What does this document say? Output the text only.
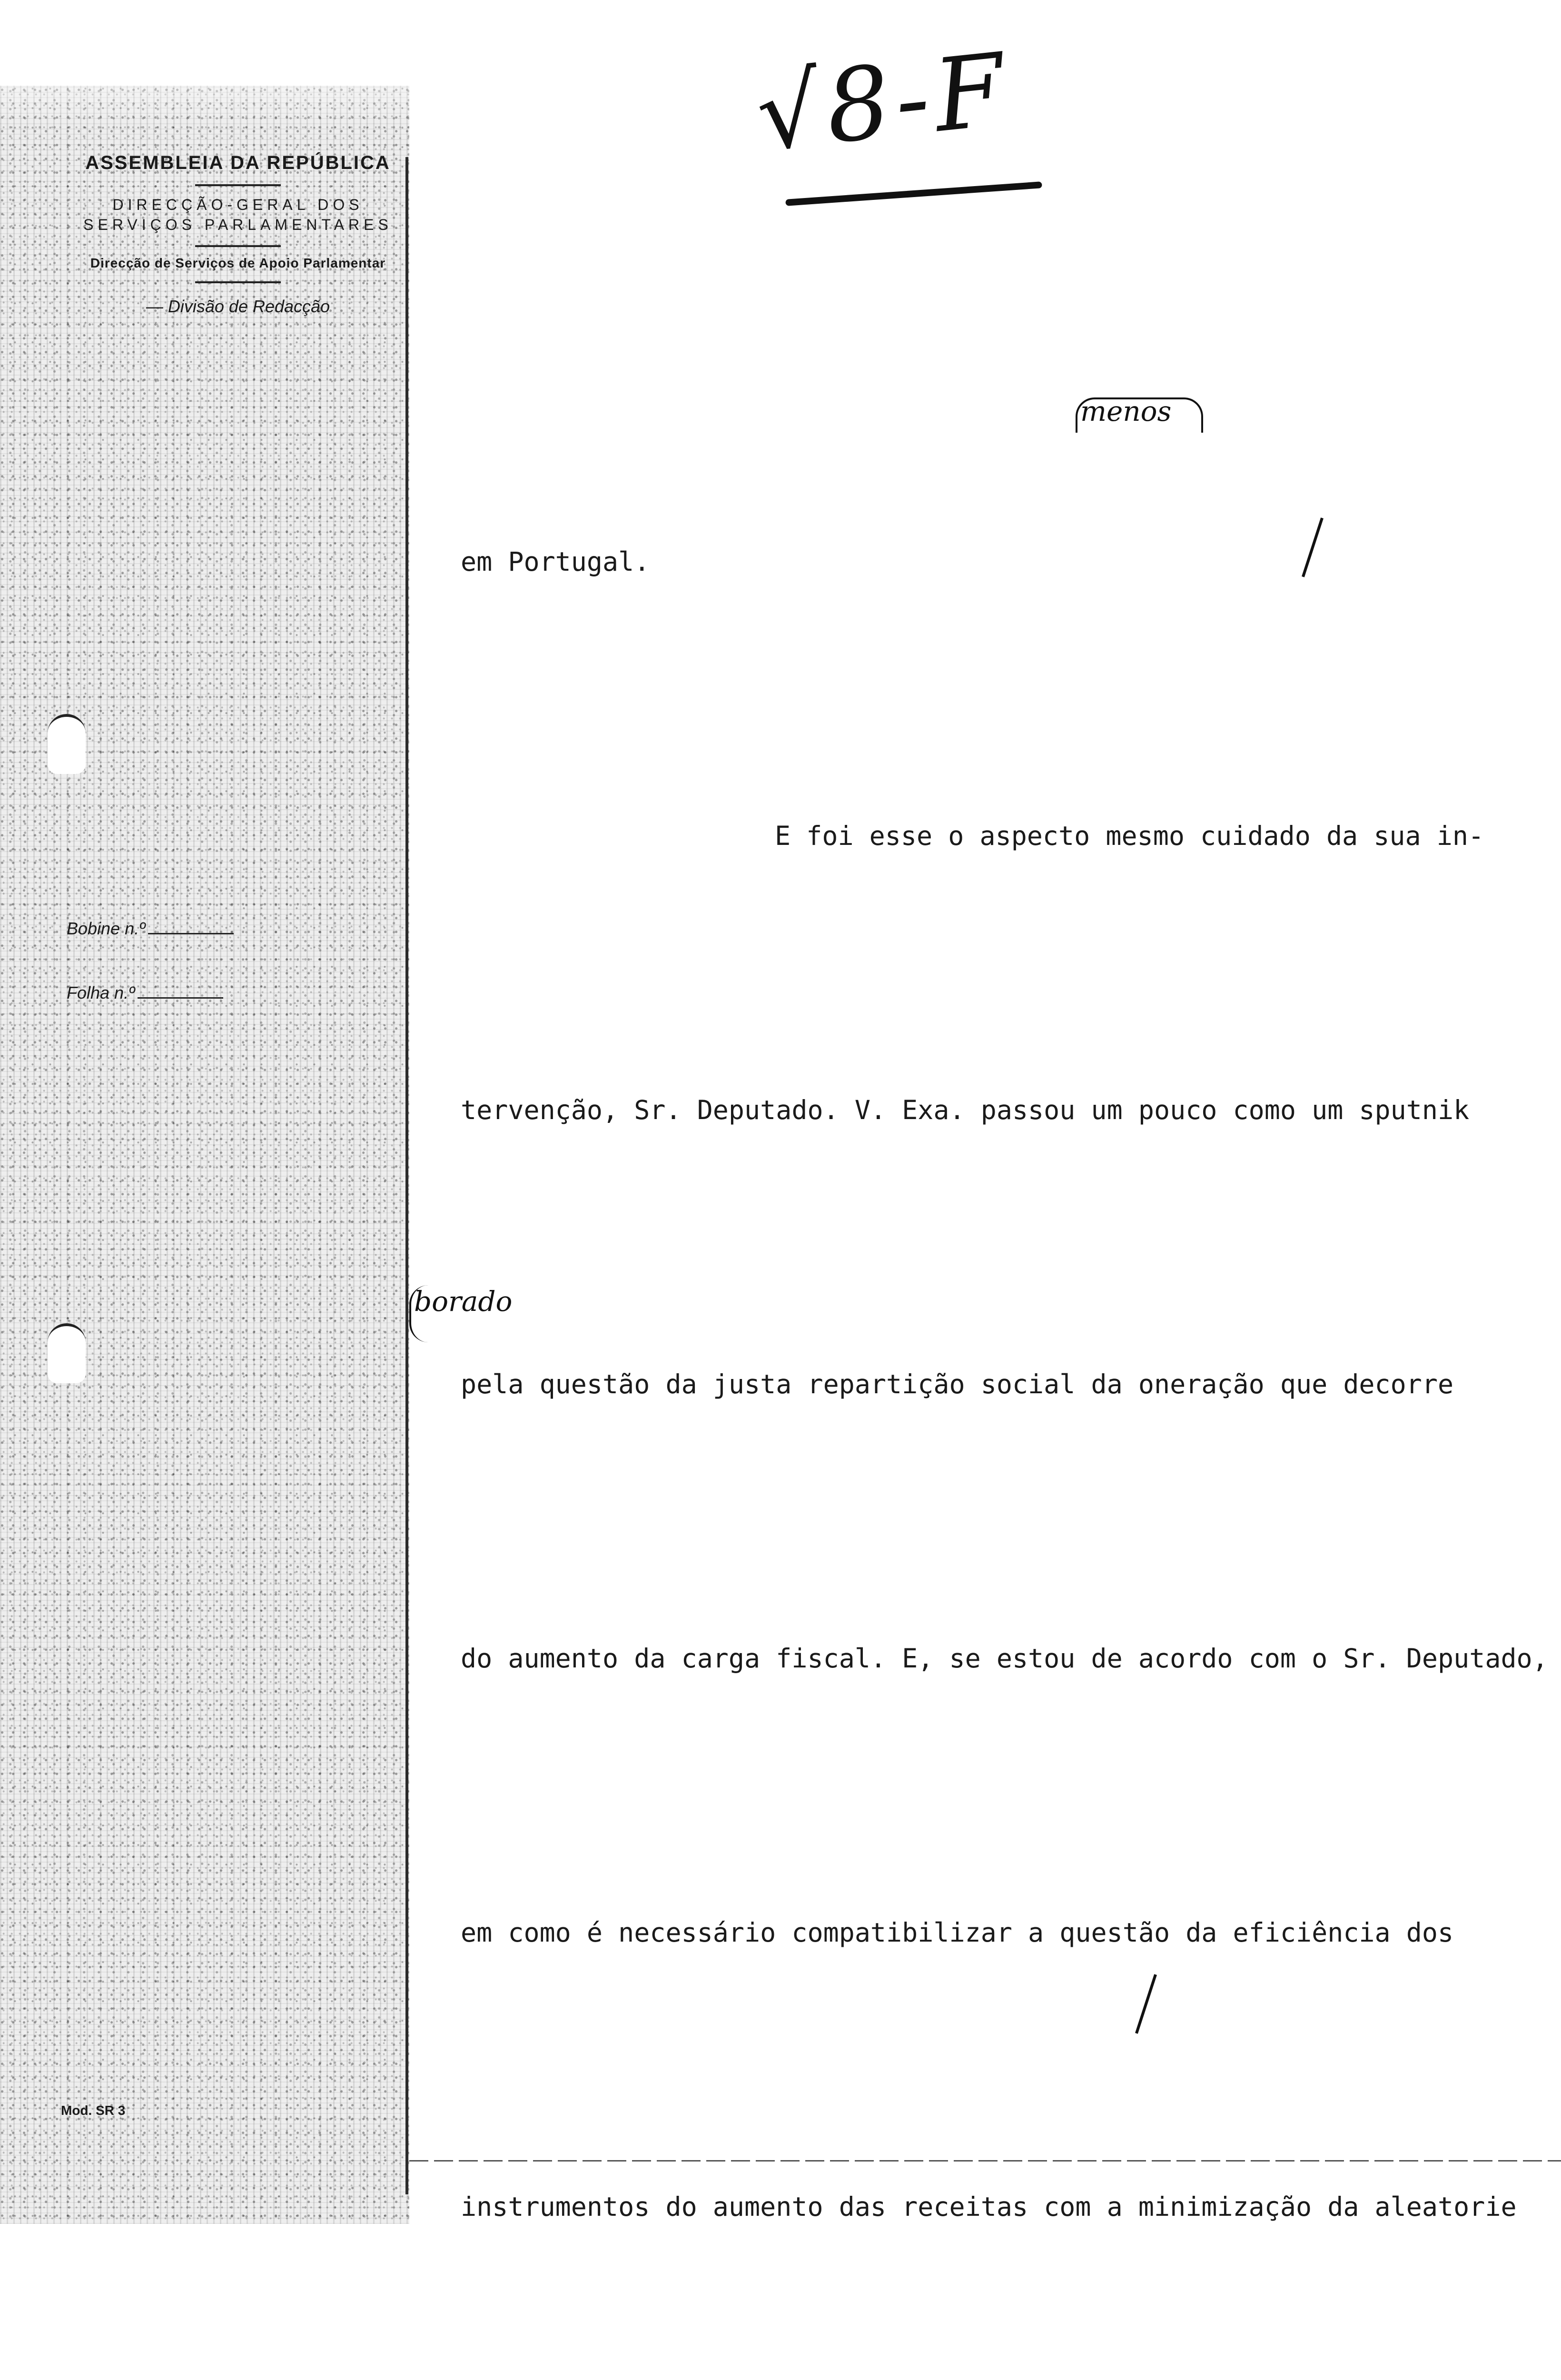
√8-F

ASSEMBLEIA DA REPÚBLICA

DIRECÇÃO-GERAL DOS

SERVIÇOS PARLAMENTARES

Direcção de Serviços de Apoio Parlamentar

— Divisão de Redacção

Bobine n.º
Folha n.º
Mod. SR 3
menos
borado

em Portugal.

E foi esse o aspecto mesmo cuidado da sua in-

tervenção, Sr. Deputado. V. Exa. passou um pouco como um sputnik

pela questão da justa repartição social da oneração que decorre

do aumento da carga fiscal. E, se estou de acordo com o Sr. Deputado,

em como é necessário compatibilizar a questão da eficiência dos

instrumentos do aumento das receitas com a minimização da aleatorie
